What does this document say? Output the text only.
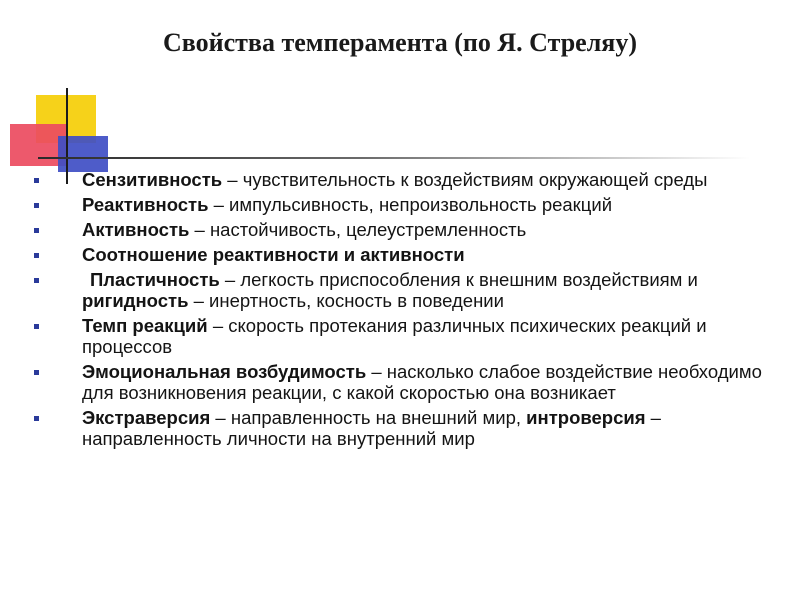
Свойства темперамента (по Я. Стреляу)
Сензитивность – чувствительность к воздействиям окружающей среды
Реактивность – импульсивность, непроизвольность реакций
Активность – настойчивость, целеустремленность
Соотношение реактивности и активности
Пластичность – легкость приспособления к внешним воздействиям и ригидность – инертность, косность в поведении
Темп реакций – скорость протекания различных психических реакций и процессов
Эмоциональная возбудимость – насколько слабое воздействие необходимо для возникновения реакции, с какой скоростью она возникает
Экстраверсия – направленность на внешний мир, интроверсия – направленность личности на внутренний мир
